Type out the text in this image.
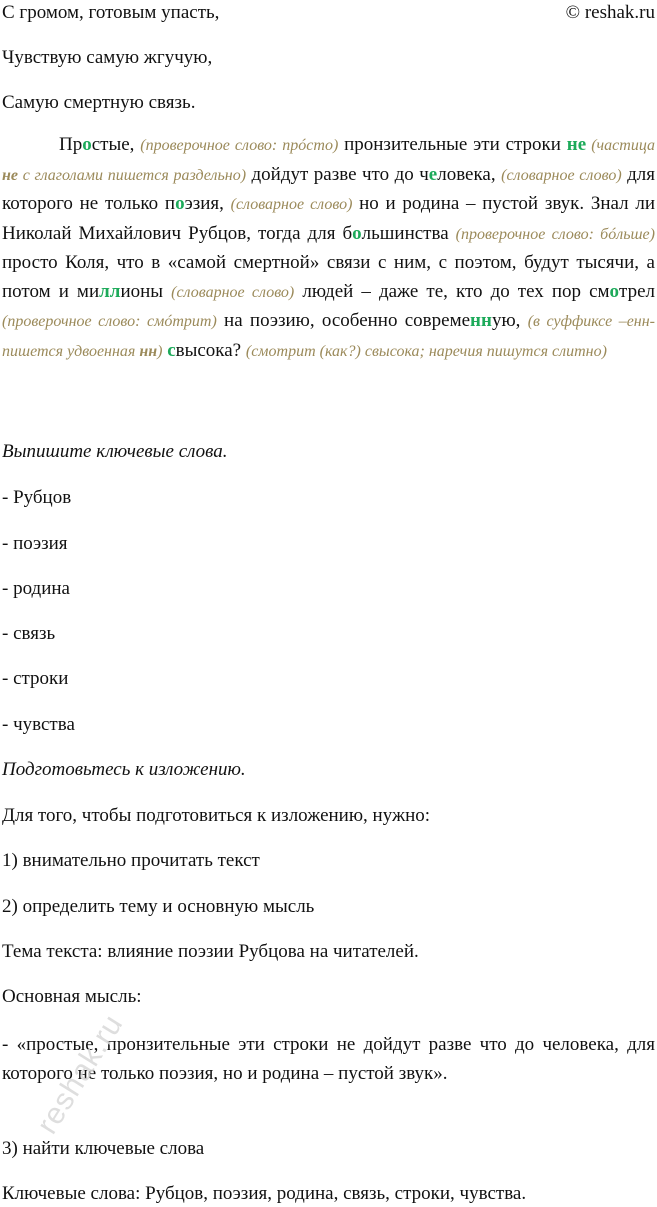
С громом, готовым упасть,	© reshak.ru
Чувствую самую жгучую,
Самую смертную связь.
Прoстые, (проверочное слово: прóсто) пронзительные эти строки не (частица не с глаголами пишется раздельно) дойдут разве что до человека, (словарное слово) для которого не только поэзия, (словарное слово) но и родина – пустой звук. Знал ли Николай Михайлович Рубцов, тогда для большинства (проверочное слово: бóльше) просто Коля, что в «самой смертной» связи с ним, с поэтом, будут тысячи, а потом и миллионы (словарное слово) людей – даже те, кто до тех пор смотрел (проверочное слово: смóтрит) на поэзию, особенно современную, (в суффиксе –енн- пишется удвоенная нн) свысока? (смотрит (как?) свысока; наречия пишутся слитно)
Выпишите ключевые слова.
- Рубцов
- поэзия
- родина
- связь
- строки
- чувства
Подготовьтесь к изложению.
Для того, чтобы подготовиться к изложению, нужно:
1) внимательно прочитать текст
2) определить тему и основную мысль
Тема текста: влияние поэзии Рубцова на читателей.
Основная мысль:
- «простые, пронзительные эти строки не дойдут разве что до человека, для которого не только поэзия, но и родина – пустой звук».
3) найти ключевые слова
Ключевые слова: Рубцов, поэзия, родина, связь, строки, чувства.
reshak.ru
